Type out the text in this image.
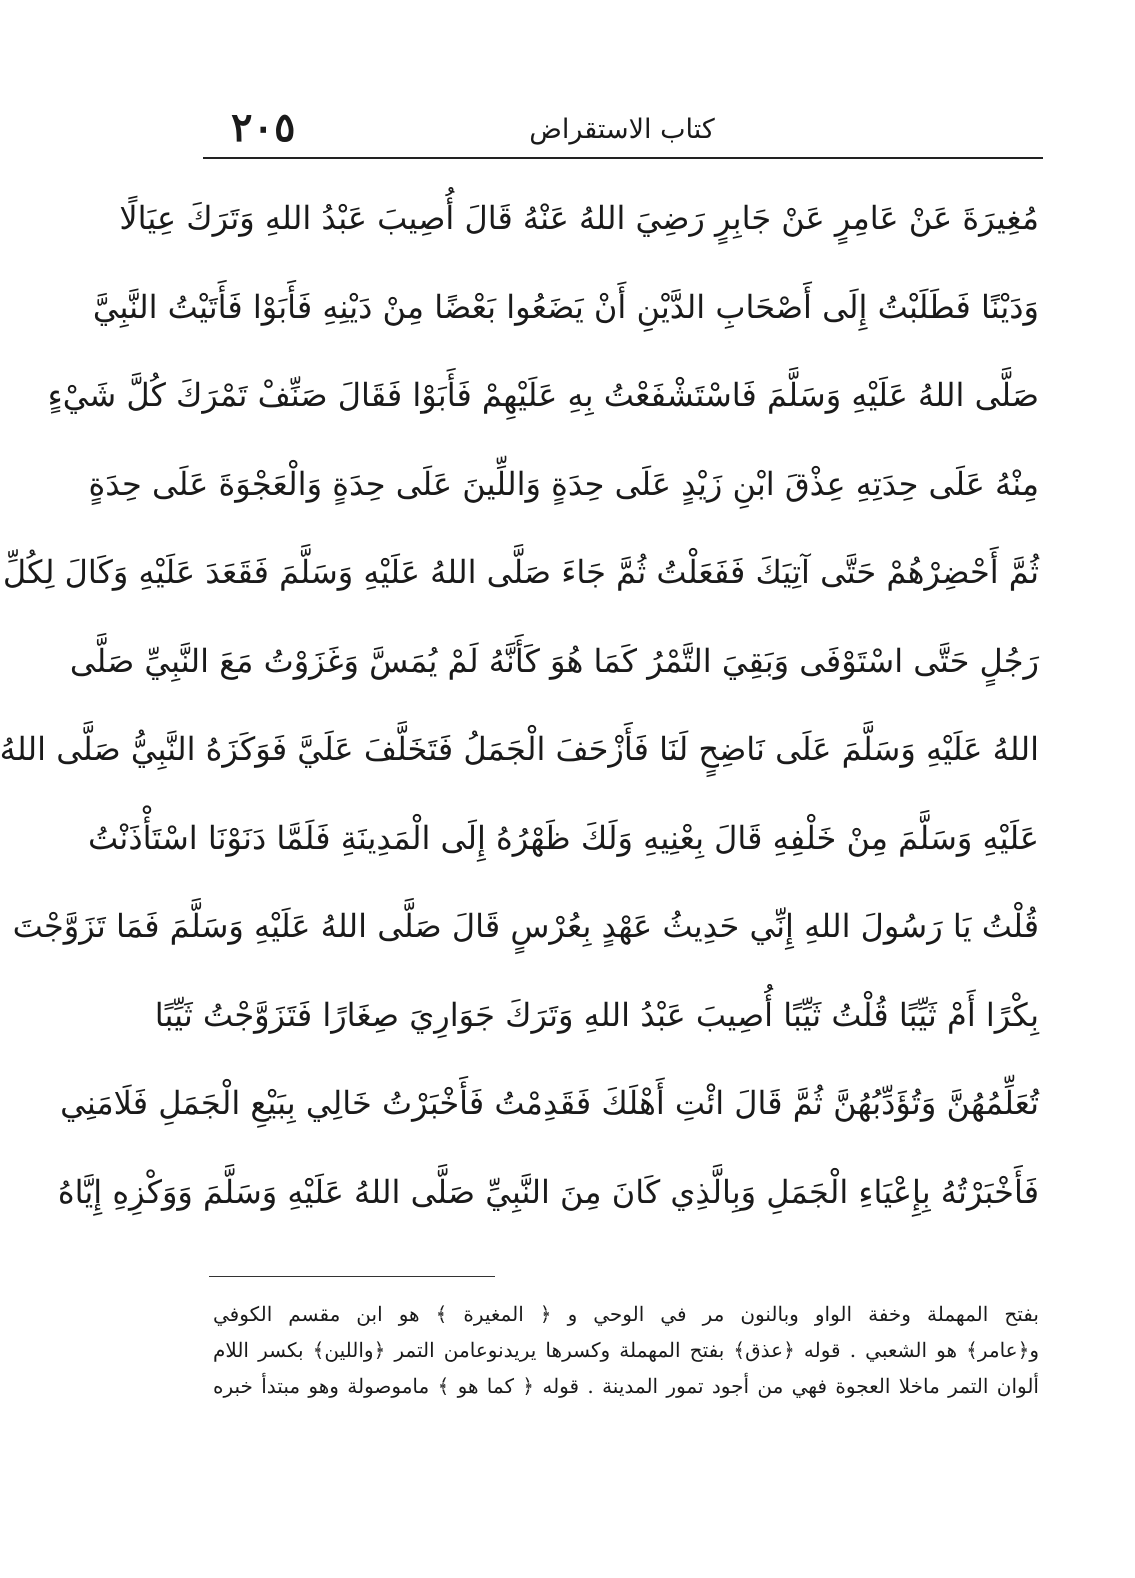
٢٠٥	كتاب الاستقراض
مُغِيرَةَ عَنْ عَامِرٍ عَنْ جَابِرٍ رَضِيَ اللهُ عَنْهُ قَالَ أُصِيبَ عَبْدُ اللهِ وَتَرَكَ عِيَالًا
وَدَيْنًا فَطَلَبْتُ إِلَى أَصْحَابِ الدَّيْنِ أَنْ يَضَعُوا بَعْضًا مِنْ دَيْنِهِ فَأَبَوْا فَأَتَيْتُ النَّبِيَّ
صَلَّى اللهُ عَلَيْهِ وَسَلَّمَ فَاسْتَشْفَعْتُ بِهِ عَلَيْهِمْ فَأَبَوْا فَقَالَ صَنِّفْ تَمْرَكَ كُلَّ شَيْءٍ
مِنْهُ عَلَى حِدَتِهِ عِذْقَ ابْنِ زَيْدٍ عَلَى حِدَةٍ وَاللِّينَ عَلَى حِدَةٍ وَالْعَجْوَةَ عَلَى حِدَةٍ
ثُمَّ أَحْضِرْهُمْ حَتَّى آتِيَكَ فَفَعَلْتُ ثُمَّ جَاءَ صَلَّى اللهُ عَلَيْهِ وَسَلَّمَ فَقَعَدَ عَلَيْهِ وَكَالَ لِكُلِّ
رَجُلٍ حَتَّى اسْتَوْفَى وَبَقِيَ التَّمْرُ كَمَا هُوَ كَأَنَّهُ لَمْ يُمَسَّ وَغَزَوْتُ مَعَ النَّبِيِّ صَلَّى
اللهُ عَلَيْهِ وَسَلَّمَ عَلَى نَاضِحٍ لَنَا فَأَزْحَفَ الْجَمَلُ فَتَخَلَّفَ عَلَيَّ فَوَكَزَهُ النَّبِيُّ صَلَّى اللهُ
عَلَيْهِ وَسَلَّمَ مِنْ خَلْفِهِ قَالَ بِعْنِيهِ وَلَكَ ظَهْرُهُ إِلَى الْمَدِينَةِ فَلَمَّا دَنَوْنَا اسْتَأْذَنْتُ
قُلْتُ يَا رَسُولَ اللهِ إِنِّي حَدِيثُ عَهْدٍ بِعُرْسٍ قَالَ صَلَّى اللهُ عَلَيْهِ وَسَلَّمَ فَمَا تَزَوَّجْتَ
بِكْرًا أَمْ ثَيِّبًا قُلْتُ ثَيِّبًا أُصِيبَ عَبْدُ اللهِ وَتَرَكَ جَوَارِيَ صِغَارًا فَتَزَوَّجْتُ ثَيِّبًا
تُعَلِّمُهُنَّ وَتُؤَدِّبُهُنَّ ثُمَّ قَالَ ائْتِ أَهْلَكَ فَقَدِمْتُ فَأَخْبَرْتُ خَالِي بِبَيْعِ الْجَمَلِ فَلَامَنِي
فَأَخْبَرْتُهُ بِإِعْيَاءِ الْجَمَلِ وَبِالَّذِي كَانَ مِنَ النَّبِيِّ صَلَّى اللهُ عَلَيْهِ وَسَلَّمَ وَوَكْزِهِ إِيَّاهُ
بفتح المهملة وخفة الواو وبالنون مر في الوحي و ﴿ المغيرة ﴾ هو ابن مقسم الكوفي
و﴿عامر﴾ هو الشعبي . قوله ﴿عذق﴾ بفتح المهملة وكسرها يريدنوعامن التمر ﴿واللين﴾ بكسر اللام
ألوان التمر ماخلا العجوة فهي من أجود تمور المدينة . قوله ﴿ كما هو ﴾ ماموصولة وهو مبتدأ خبره
